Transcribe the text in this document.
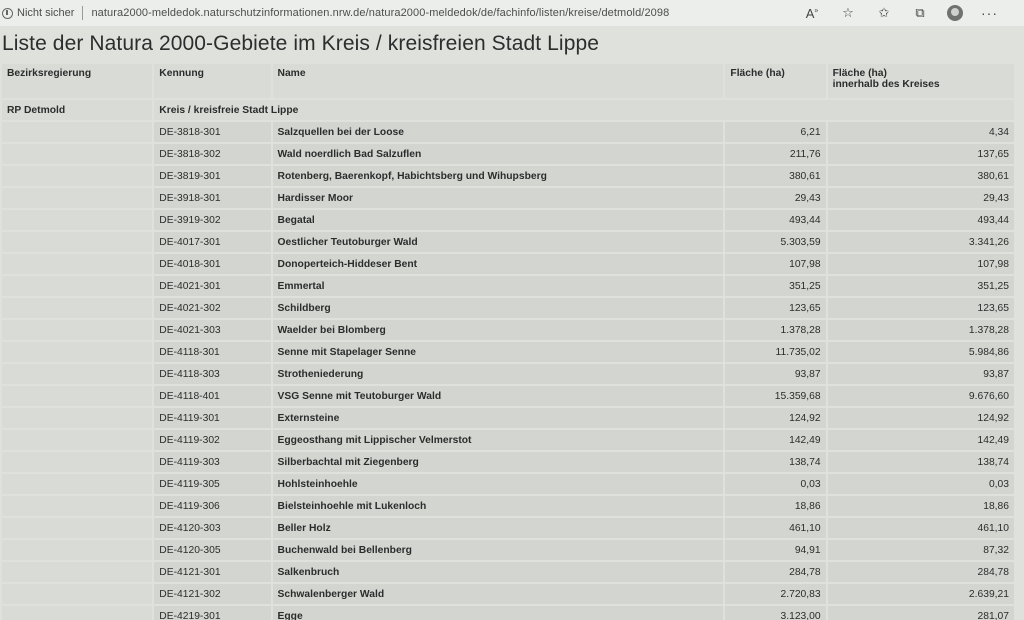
Nicht sicher natura2000-meldedok.naturschutzinformationen.nrw.de/natura2000-meldedok/de/fachinfo/listen/kreise/detmold/2098	A» ☆ ✩	⧉	···
Liste der Natura 2000-Gebiete im Kreis / kreisfreien Stadt Lippe
Bezirksregierung	Kennung	Name	Fläche (ha)	Fläche (ha)
innerhalb des Kreises

RP Detmold	Kreis / kreisfreie Stadt Lippe			
	DE-3818-301	Salzquellen bei der Loose	6,21	4,34
	DE-3818-302	Wald noerdlich Bad Salzuflen	211,76	137,65
	DE-3819-301	Rotenberg, Baerenkopf, Habichtsberg und Wihupsberg	380,61	380,61
	DE-3918-301	Hardisser Moor	29,43	29,43
	DE-3919-302	Begatal	493,44	493,44
	DE-4017-301	Oestlicher Teutoburger Wald	5.303,59	3.341,26
	DE-4018-301	Donoperteich-Hiddeser Bent	107,98	107,98
	DE-4021-301	Emmertal	351,25	351,25
	DE-4021-302	Schildberg	123,65	123,65
	DE-4021-303	Waelder bei Blomberg	1.378,28	1.378,28
	DE-4118-301	Senne mit Stapelager Senne	11.735,02	5.984,86
	DE-4118-303	Strotheniederung	93,87	93,87
	DE-4118-401	VSG Senne mit Teutoburger Wald	15.359,68	9.676,60
	DE-4119-301	Externsteine	124,92	124,92
	DE-4119-302	Eggeosthang mit Lippischer Velmerstot	142,49	142,49
	DE-4119-303	Silberbachtal mit Ziegenberg	138,74	138,74
	DE-4119-305	Hohlsteinhoehle	0,03	0,03
	DE-4119-306	Bielsteinhoehle mit Lukenloch	18,86	18,86
	DE-4120-303	Beller Holz	461,10	461,10
	DE-4120-305	Buchenwald bei Bellenberg	94,91	87,32
	DE-4121-301	Salkenbruch	284,78	284,78
	DE-4121-302	Schwalenberger Wald	2.720,83	2.639,21
	DE-4219-301	Egge	3.123,00	281,07
